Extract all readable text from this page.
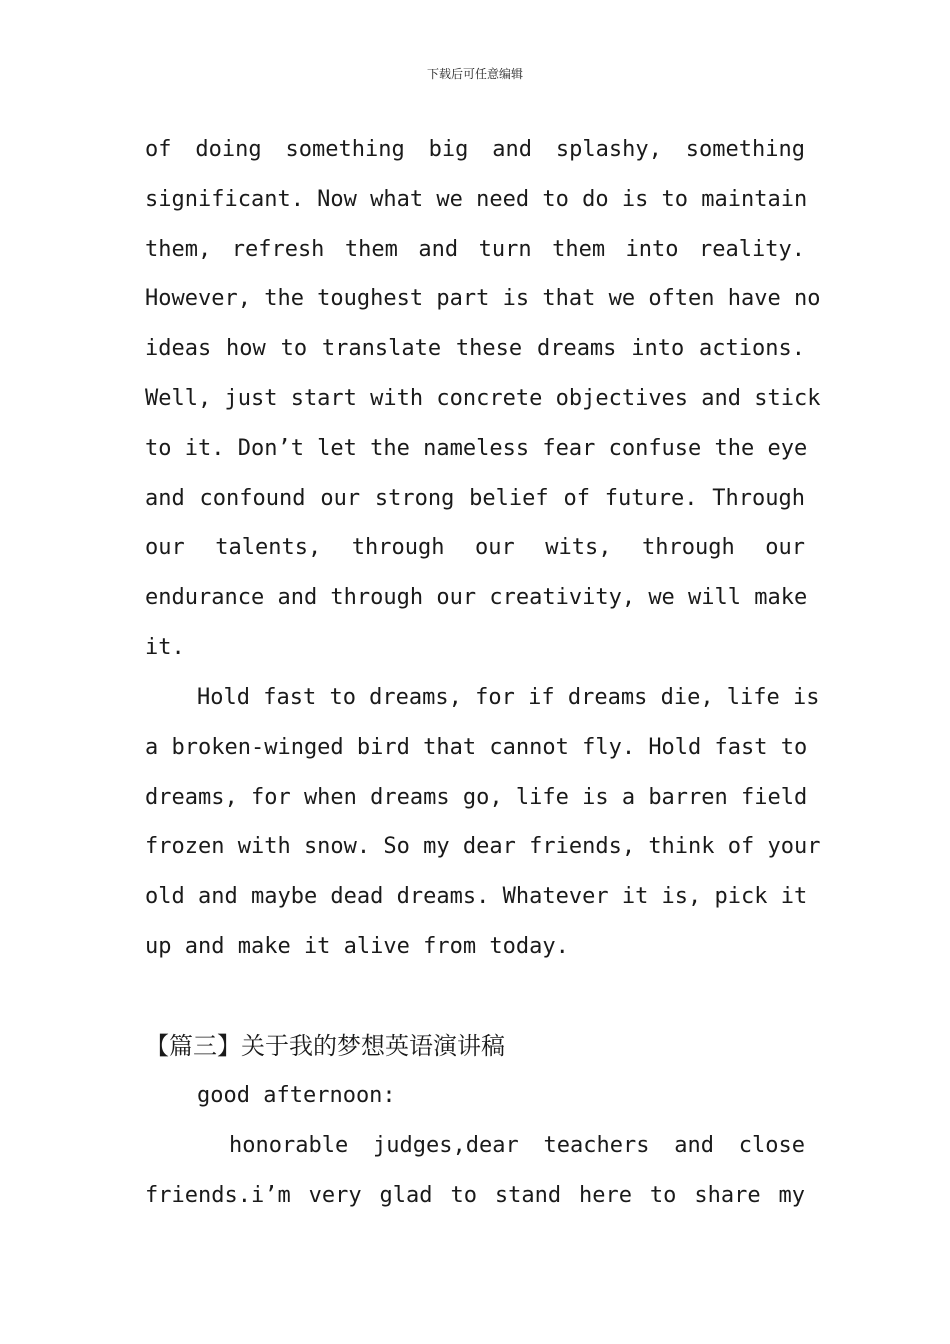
下载后可任意编辑
of doing something big and splashy, something
significant. Now what we need to do is to maintain
them, refresh them and turn them into reality.
However, the toughest part is that we often have no
ideas how to translate these dreams into actions.
Well, just start with concrete objectives and stick
to it. Don’t let the nameless fear confuse the eye
and confound our strong belief of future. Through
our talents, through our wits, through our
endurance and through our creativity, we will make
it.
Hold fast to dreams, for if dreams die, life is
a broken-winged bird that cannot fly. Hold fast to
dreams, for when dreams go, life is a barren field
frozen with snow. So my dear friends, think of your
old and maybe dead dreams. Whatever it is, pick it
up and make it alive from today.
【篇三】关于我的梦想英语演讲稿
good afternoon:
honorable judges,dear teachers and close
friends.i’m very glad to stand here to share my
